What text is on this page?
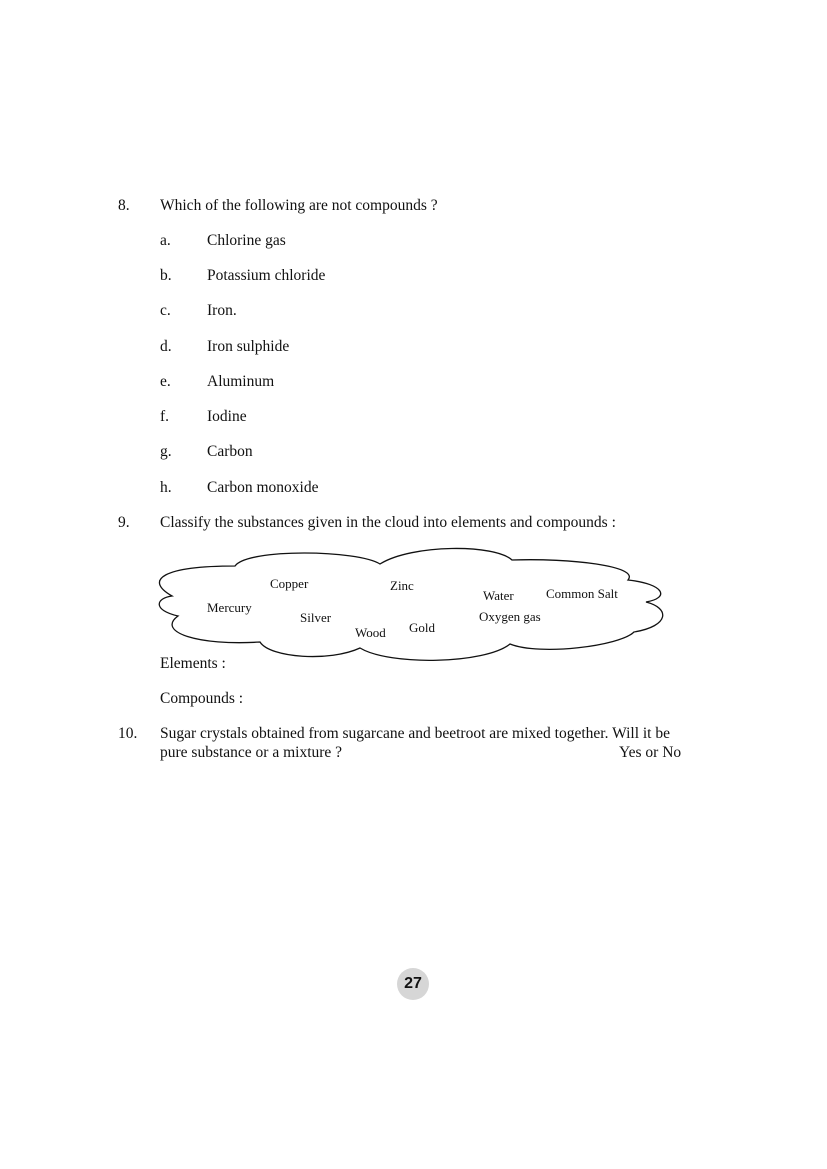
8. Which of the following are not compounds ?
a. Chlorine gas
b. Potassium chloride
c. Iron.
d. Iron sulphide
e. Aluminum
f. Iodine
g. Carbon
h. Carbon monoxide
9. Classify the substances given in the cloud into elements and compounds :
Copper	Zinc
Water Common Salt
Mercury
Silver	Oxygen gas
Wood Gold
Elements :
Compounds :
10. Sugar crystals obtained from sugarcane and beetroot are mixed together. Will it be
pure substance or a mixture ?	Yes or No
27
